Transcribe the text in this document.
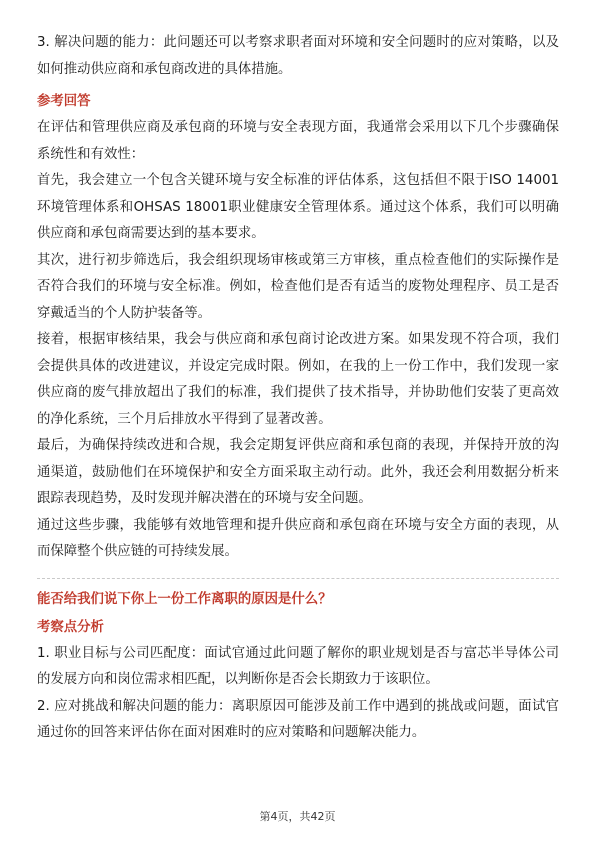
3. 解决问题的能力：此问题还可以考察求职者面对环境和安全问题时的应对策略，以及如何推动供应商和承包商改进的具体措施。

参考回答

在评估和管理供应商及承包商的环境与安全表现方面，我通常会采用以下几个步骤确保系统性和有效性：

首先，我会建立一个包含关键环境与安全标准的评估体系，这包括但不限于ISO 14001环境管理体系和OHSAS 18001职业健康安全管理体系。通过这个体系，我们可以明确供应商和承包商需要达到的基本要求。

其次，进行初步筛选后，我会组织现场审核或第三方审核，重点检查他们的实际操作是否符合我们的环境与安全标准。例如，检查他们是否有适当的废物处理程序、员工是否穿戴适当的个人防护装备等。

接着，根据审核结果，我会与供应商和承包商讨论改进方案。如果发现不符合项，我们会提供具体的改进建议，并设定完成时限。例如，在我的上一份工作中，我们发现一家供应商的废气排放超出了我们的标准，我们提供了技术指导，并协助他们安装了更高效的净化系统，三个月后排放水平得到了显著改善。

最后，为确保持续改进和合规，我会定期复评供应商和承包商的表现，并保持开放的沟通渠道，鼓励他们在环境保护和安全方面采取主动行动。此外，我还会利用数据分析来跟踪表现趋势，及时发现并解决潜在的环境与安全问题。

通过这些步骤，我能够有效地管理和提升供应商和承包商在环境与安全方面的表现，从而保障整个供应链的可持续发展。

能否给我们说下你上一份工作离职的原因是什么？

考察点分析

1. 职业目标与公司匹配度：面试官通过此问题了解你的职业规划是否与富芯半导体公司的发展方向和岗位需求相匹配，以判断你是否会长期致力于该职位。

2. 应对挑战和解决问题的能力：离职原因可能涉及前工作中遇到的挑战或问题，面试官通过你的回答来评估你在面对困难时的应对策略和问题解决能力。

第4页，共42页
